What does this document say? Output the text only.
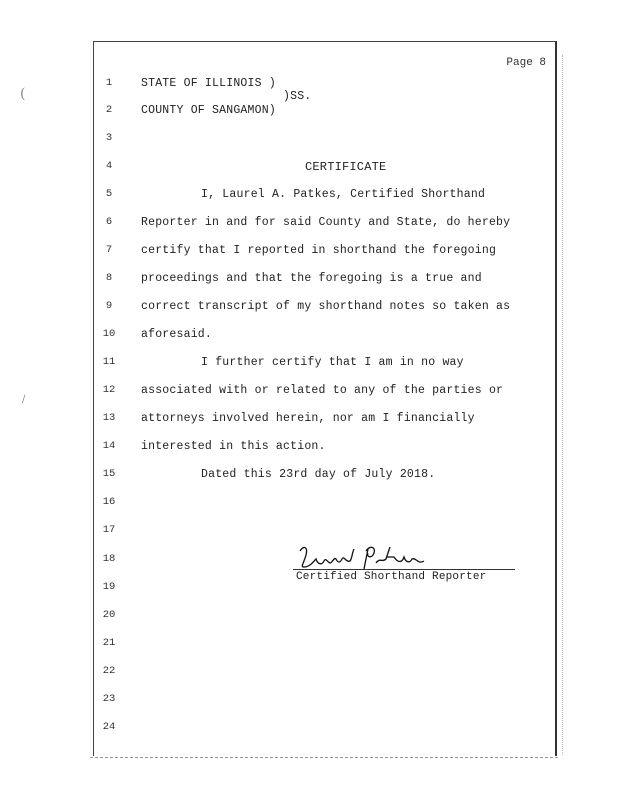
(
/
Page 8
1
2
3
4
5
6
7
8
9
10
11
12
13
14
15
16
17
18
19
20
21
22
23
24
STATE OF ILLINOIS )
)SS.
COUNTY OF SANGAMON)
CERTIFICATE
I, Laurel A. Patkes, Certified Shorthand
Reporter in and for said County and State, do hereby
certify that I reported in shorthand the foregoing
proceedings and that the foregoing is a true and
correct transcript of my shorthand notes so taken as
aforesaid.
I further certify that I am in no way
associated with or related to any of the parties or
attorneys involved herein, nor am I financially
interested in this action.
Dated this 23rd day of July 2018.
Certified Shorthand Reporter
